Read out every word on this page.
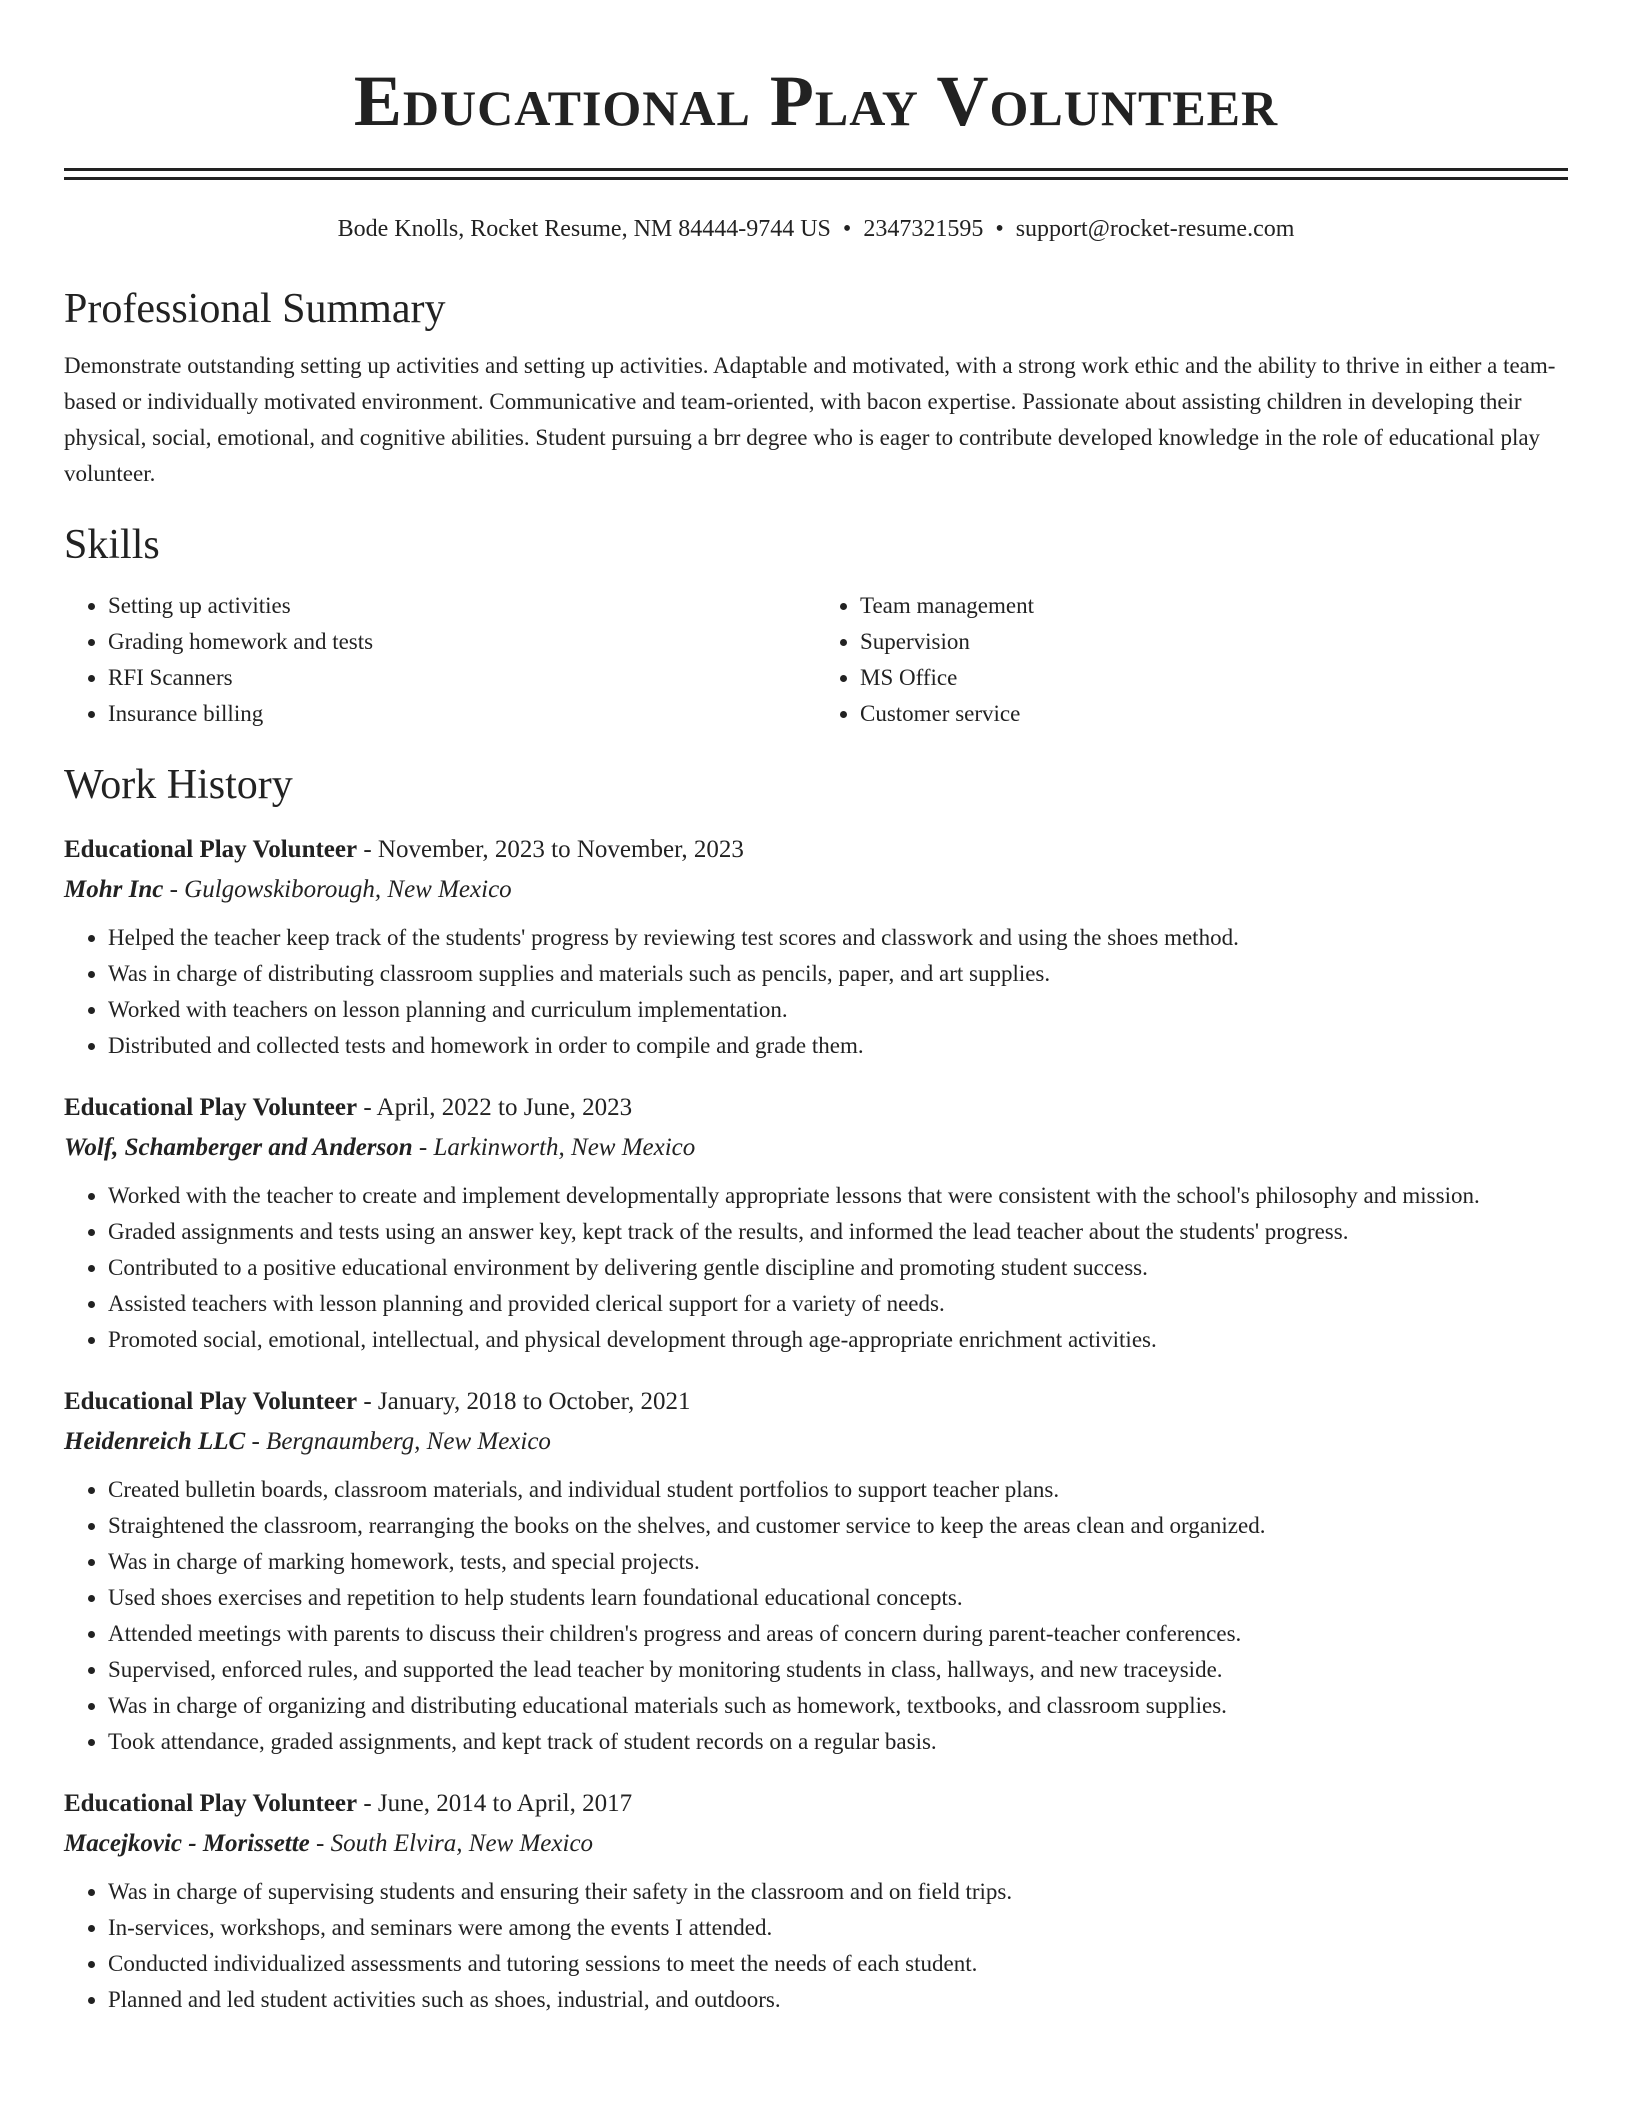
Educational Play Volunteer
Bode Knolls, Rocket Resume, NM 84444-9744 US • 2347321595 • support@rocket-resume.com
Professional Summary
Demonstrate outstanding setting up activities and setting up activities. Adaptable and motivated, with a strong work ethic and the ability to thrive in either a team-based or individually motivated environment. Communicative and team-oriented, with bacon expertise. Passionate about assisting children in developing their physical, social, emotional, and cognitive abilities. Student pursuing a brr degree who is eager to contribute developed knowledge in the role of educational play volunteer.
Skills
• Setting up activities
• Grading homework and tests
• RFI Scanners
• Insurance billing
• Team management
• Supervision
• MS Office
• Customer service
Work History
Educational Play Volunteer - November, 2023 to November, 2023
Mohr Inc - Gulgowskiborough, New Mexico
• Helped the teacher keep track of the students' progress by reviewing test scores and classwork and using the shoes method.
• Was in charge of distributing classroom supplies and materials such as pencils, paper, and art supplies.
• Worked with teachers on lesson planning and curriculum implementation.
• Distributed and collected tests and homework in order to compile and grade them.
Educational Play Volunteer - April, 2022 to June, 2023
Wolf, Schamberger and Anderson - Larkinworth, New Mexico
• Worked with the teacher to create and implement developmentally appropriate lessons that were consistent with the school's philosophy and mission.
• Graded assignments and tests using an answer key, kept track of the results, and informed the lead teacher about the students' progress.
• Contributed to a positive educational environment by delivering gentle discipline and promoting student success.
• Assisted teachers with lesson planning and provided clerical support for a variety of needs.
• Promoted social, emotional, intellectual, and physical development through age-appropriate enrichment activities.
Educational Play Volunteer - January, 2018 to October, 2021
Heidenreich LLC - Bergnaumberg, New Mexico
• Created bulletin boards, classroom materials, and individual student portfolios to support teacher plans.
• Straightened the classroom, rearranging the books on the shelves, and customer service to keep the areas clean and organized.
• Was in charge of marking homework, tests, and special projects.
• Used shoes exercises and repetition to help students learn foundational educational concepts.
• Attended meetings with parents to discuss their children's progress and areas of concern during parent-teacher conferences.
• Supervised, enforced rules, and supported the lead teacher by monitoring students in class, hallways, and new traceyside.
• Was in charge of organizing and distributing educational materials such as homework, textbooks, and classroom supplies.
• Took attendance, graded assignments, and kept track of student records on a regular basis.
Educational Play Volunteer - June, 2014 to April, 2017
Macejkovic - Morissette - South Elvira, New Mexico
• Was in charge of supervising students and ensuring their safety in the classroom and on field trips.
• In-services, workshops, and seminars were among the events I attended.
• Conducted individualized assessments and tutoring sessions to meet the needs of each student.
• Planned and led student activities such as shoes, industrial, and outdoors.
